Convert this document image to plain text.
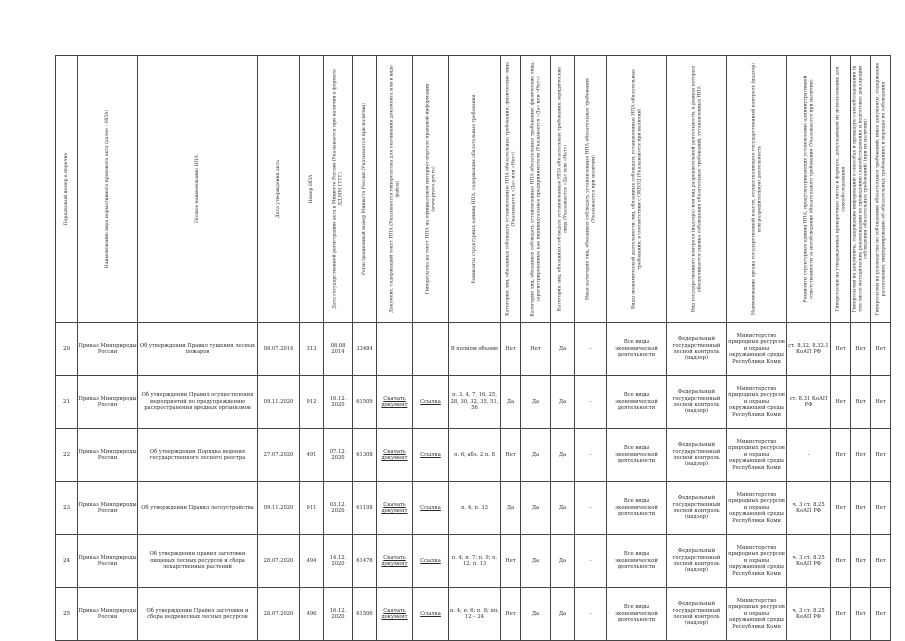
Порядковый номер в перечне	Наименование вида нормативного правового акта (далее – НПА)	Полное наименование НПА	Дата утверждения акта	Номер НПА	Дата государственной регистрации акта в Минюсте России (Указывается при наличии в формате ДД.ММ.ГГГГ)	Регистрационный номер Минюста России (Указывается при наличии)	Документ, содержащий текст НПА (Указывается гиперссылка для скачивания документа или в виде файла)	Гиперссылка на текст НПА на официальном интернет-портале правовой информации (www.pravo.gov.ru)	Реквизиты структурных единиц НПА, содержащих обязательные требования	Категория лиц, обязанных соблюдать установленные НПА обязательные требования: физические лица (Указывается «Да» или «Нет»)	Категория лиц, обязанных соблюдать установленные НПА обязательные требования: физические лица, зарегистрированные как индивидуальные предприниматели (Указывается «Да» или «Нет»)	Категория лиц, обязанных соблюдать установленные НПА обязательные требования: юридические лица (Указывается «Да» или «Нет»)	Иная категория лиц, обязанных соблюдать установленные НПА обязательные требования (Указывается при наличии)	Виды экономической деятельности лиц, обязанных соблюдать установленные НПА обязательные требования, в соответствии с ОКВЭД (Указываются при наличии)	Вид государственного контроля (надзора) или вид разрешительной деятельности, в рамках которых обеспечивается оценка соблюдения обязательных требований, установленных НПА	Наименование органа государственной власти, осуществляющего государственный контроль (надзор) или разрешительную деятельность	Реквизиты структурных единиц НПА, предусматривающих установление административной ответственности за несоблюдение обязательного требования (Указывается при наличии)	Гиперссылки на утвержденные проверочные листы в формате, допускающем их использование для самообследования	Гиперссылки на документы, содержащие информацию о способах и процедуре самообследования (в том числе методические рекомендации по проведению самообследования и подготовке декларации соблюдения обязательных требований) (при их наличии)	Гиперссылки на руководства по соблюдению обязательных требований, иные документы, содержащие разъяснения, информирование об обязательных требованиях и порядке их соблюдения

20	Приказ Минприроды России	Об утверждении Правил тушения лесных пожаров	08.07.2014	313	08.08 2014	33484			В полном объеме	Нет	Нет	Да	-	Все виды экономической деятельности	Федеральный государственный лесной контроль (надзор)	Министерство природных ресурсов и охраны окружающей среды Республики Коми	ст. 8.32, 8.32.1 КоАП РФ	Нет	Нет	Нет
21	Приказ Минприроды России	Об утверждении Правил осуществления мероприятий по предупреждению распространения вредных организмов	09.11.2020	912	16.12. 2020	61509	Скачать документ	Ссылка	п. 3, 4, 7, 16, 25, 28, 30, 32, 35, 51, 56	Да	Да	Да	-	Все виды экономической деятельности	Федеральный государственный лесной контроль (надзор)	Министерство природных ресурсов и охраны окружающей среды Республики Коми	ст. 8.31 КоАП РФ	Нет	Нет	Нет
22	Приказ Минприроды России	Об утверждении Порядка ведения государственного лесного реестра	27.07.2020	491	07.12. 2020	61308	Скачать документ	Ссылка	п. 6; абз. 2 п. 8	Нет	Да	Да	-	Все виды экономической деятельности	Федеральный государственный лесной контроль (надзор)	Министерство природных ресурсов и охраны окружающей среды Республики Коми	-	Нет	Нет	Нет
23	Приказ Минприроды России	Об утверждении Правил лесоустройства	09.11.2020	911	03.12. 2020	61198	Скачать документ	Ссылка	п. 4; п. 33	Да	Да	Да	-	Все виды экономической деятельности	Федеральный государственный лесной контроль (надзор)	Министерство природных ресурсов и охраны окружающей среды Республики Коми	ч. 3 ст. 8.25 КоАП РФ	Нет	Нет	Нет
24	Приказ Минприроды России	Об утверждении правил заготовки пищевых лесных ресурсов и сбора лекарственных растений	28.07.2020	494	14.12. 2020	61478	Скачать документ	Ссылка	п. 4; п. 7; п. 9; п. 12; п. 13	Нет	Да	Да	-	Все виды экономической деятельности	Федеральный государственный лесной контроль (надзор)	Министерство природных ресурсов и охраны окружающей среды Республики Коми	ч. 3 ст. 8.25 КоАП РФ	Нет	Нет	Нет
25	Приказ Минприроды России	Об утверждении Правил заготовки и сбора недревесных лесных ресурсов	28.07.2020	496	16.12. 2020	61506	Скачать документ	Ссылка	п. 4; п. 6; п. 8; пп. 12 – 24	Нет	Да	Да	-	Все виды экономической деятельности	Федеральный государственный лесной контроль (надзор)	Министерство природных ресурсов и охраны окружающей среды Республики Коми	ч. 3 ст. 8.25 КоАП РФ	Нет	Нет	Нет
